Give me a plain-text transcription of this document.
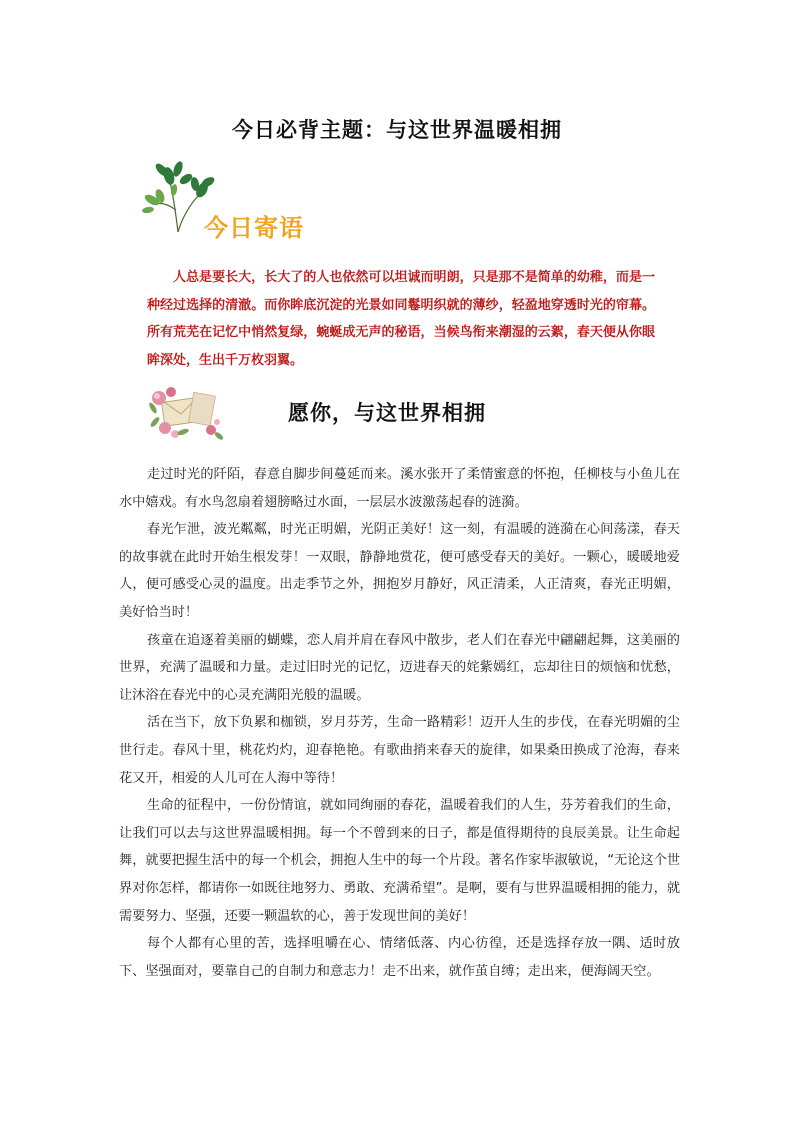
今日必背主题：与这世界温暖相拥
今日寄语

人总是要长大，长大了的人也依然可以坦诚而明朗，只是那不是简单的幼稚，而是一种经过选择的清澈。而你眸底沉淀的光景如同鬈明织就的薄纱，轻盈地穿透时光的帘幕。所有荒芜在记忆中悄然复绿，蜿蜒成无声的秘语，当候鸟衔来潮湿的云絮，春天便从你眼眸深处，生出千万枚羽翼。

愿你，与这世界相拥

走过时光的阡陌，春意自脚步间蔓延而来。溪水张开了柔情蜜意的怀抱，任柳枝与小鱼儿在水中嬉戏。有水鸟忽扇着翅膀略过水面，一层层水波激荡起春的涟漪。

春光乍泄，波光粼粼，时光正明媚，光阴正美好！这一刻，有温暖的涟漪在心间荡漾，春天的故事就在此时开始生根发芽！一双眼，静静地赏花，便可感受春天的美好。一颗心，暖暖地爱人，便可感受心灵的温度。出走季节之外，拥抱岁月静好，风正清柔，人正清爽，春光正明媚，美好恰当时！

孩童在追逐着美丽的蝴蝶，恋人肩并肩在春风中散步，老人们在春光中翩翩起舞，这美丽的世界，充满了温暖和力量。走过旧时光的记忆，迈进春天的姹紫嫣红，忘却往日的烦恼和忧愁，让沐浴在春光中的心灵充满阳光般的温暖。

活在当下，放下负累和枷锁，岁月芬芳，生命一路精彩！迈开人生的步伐，在春光明媚的尘世行走。春风十里，桃花灼灼，迎春艳艳。有歌曲捎来春天的旋律，如果桑田换成了沧海，春来花又开，相爱的人儿可在人海中等待！

生命的征程中，一份份情谊，就如同绚丽的春花，温暖着我们的人生，芬芳着我们的生命，让我们可以去与这世界温暖相拥。每一个不曾到来的日子，都是值得期待的良辰美景。让生命起舞，就要把握生活中的每一个机会，拥抱人生中的每一个片段。著名作家毕淑敏说，“无论这个世界对你怎样，都请你一如既往地努力、勇敢、充满希望”。是啊，要有与世界温暖相拥的能力，就需要努力、坚强，还要一颗温软的心，善于发现世间的美好！

每个人都有心里的苦，选择咀嚼在心、情绪低落、内心彷徨，还是选择存放一隅、适时放下、坚强面对，要靠自己的自制力和意志力！走不出来，就作茧自缚；走出来，便海阔天空。
